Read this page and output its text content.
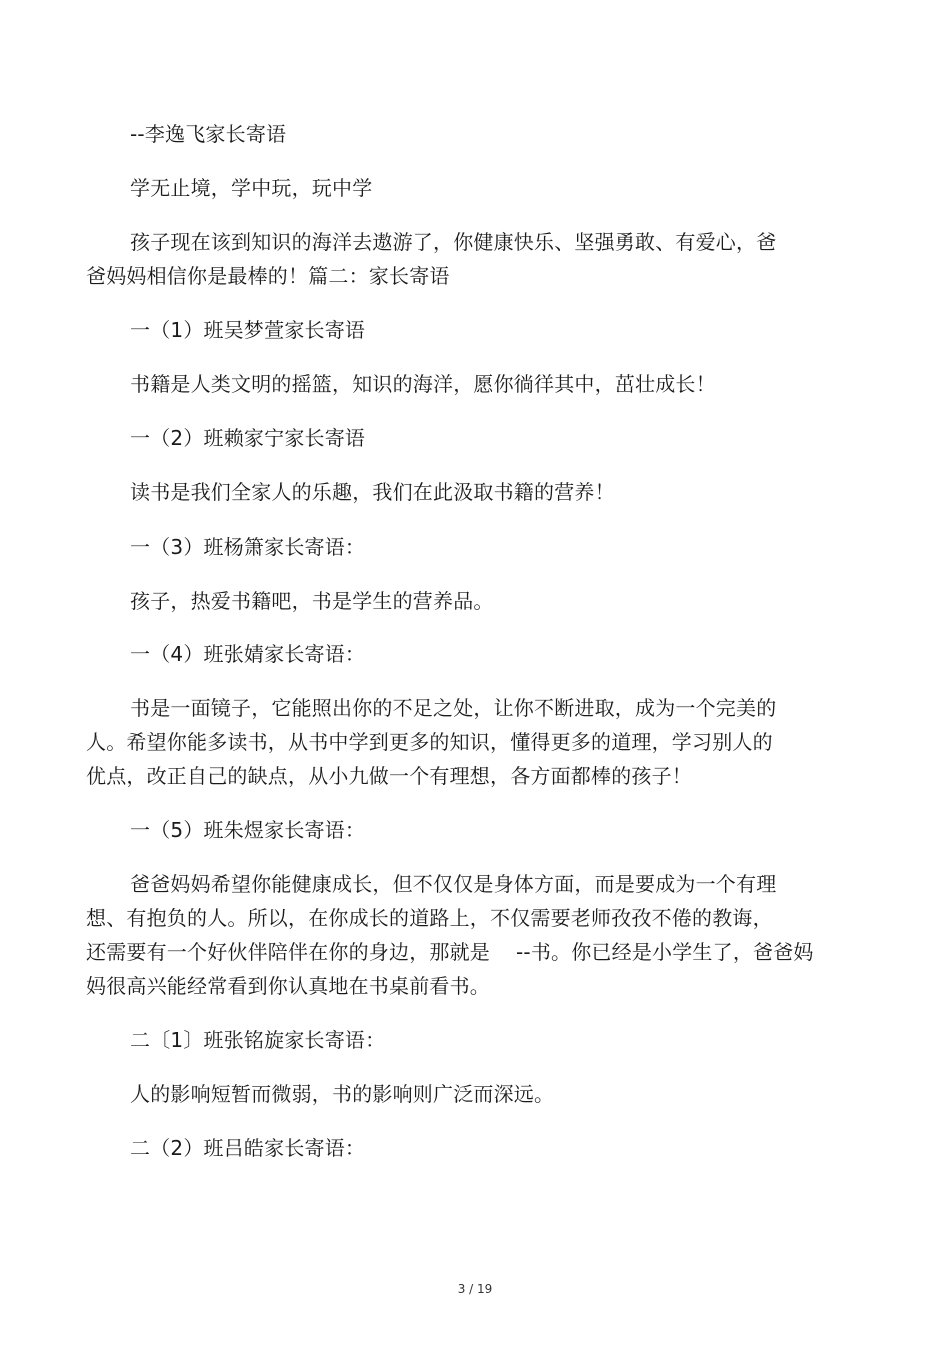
--李逸飞家长寄语
学无止境，学中玩，玩中学
孩子现在该到知识的海洋去遨游了，你健康快乐、坚强勇敢、有爱心，爸
爸妈妈相信你是最棒的！篇二：家长寄语
一（1）班吴梦萱家长寄语
书籍是人类文明的摇篮，知识的海洋，愿你徜徉其中，茁壮成长！
一（2）班赖家宁家长寄语
读书是我们全家人的乐趣，我们在此汲取书籍的营养！
一（3）班杨箫家长寄语：
孩子，热爱书籍吧，书是学生的营养品。
一（4）班张婧家长寄语：
书是一面镜子，它能照出你的不足之处，让你不断进取，成为一个完美的
人。希望你能多读书，从书中学到更多的知识，懂得更多的道理，学习别人的
优点，改正自己的缺点，从小九做一个有理想，各方面都棒的孩子！
一（5）班朱煜家长寄语：
爸爸妈妈希望你能健康成长，但不仅仅是身体方面，而是要成为一个有理
想、有抱负的人。所以，在你成长的道路上，不仅需要老师孜孜不倦的教诲，
还需要有一个好伙伴陪伴在你的身边，那就是 --书。你已经是小学生了，爸爸妈
妈很高兴能经常看到你认真地在书桌前看书。
二〔1〕班张铭旋家长寄语：
人的影响短暂而微弱，书的影响则广泛而深远。
二（2）班吕皓家长寄语：
3 / 19
